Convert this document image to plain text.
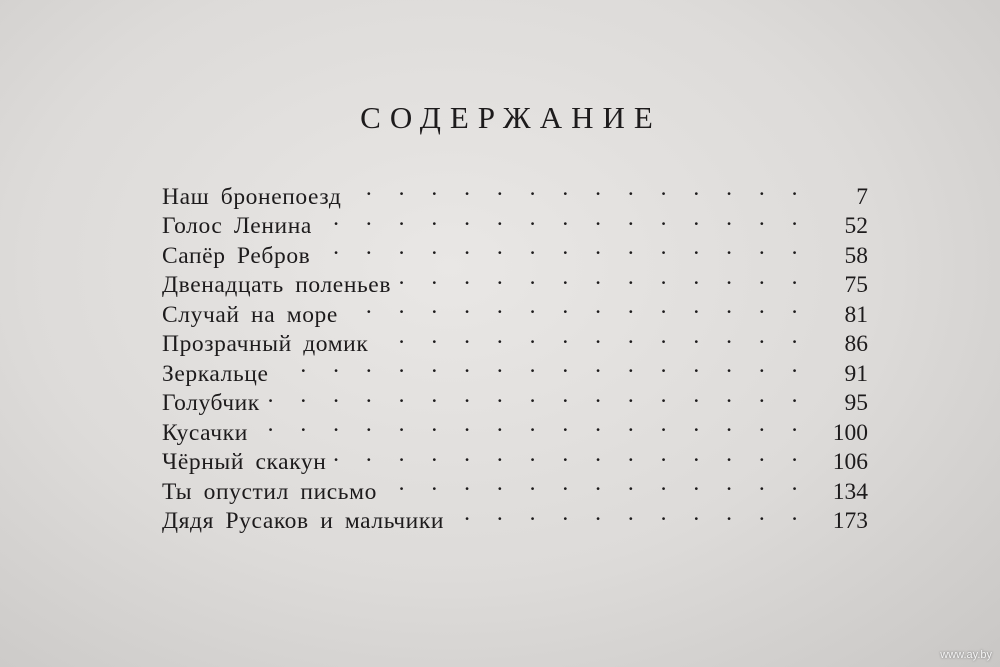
СОДЕРЖАНИЕ
Наш бронепоезд . . .	7
Голос Ленина . . .	52
Сапёр Ребров . . .	58
Двенадцать поленьев . . .	75
Случай на море . . .	81
Прозрачный домик . . .	86
Зеркальце . . .	91
Голубчик . . .	95
Кусачки . . .	100
Чёрный скакун . . .	106
Ты опустил письмо . . .	134
Дядя Русаков и мальчики . . .	173
www.ay.by
